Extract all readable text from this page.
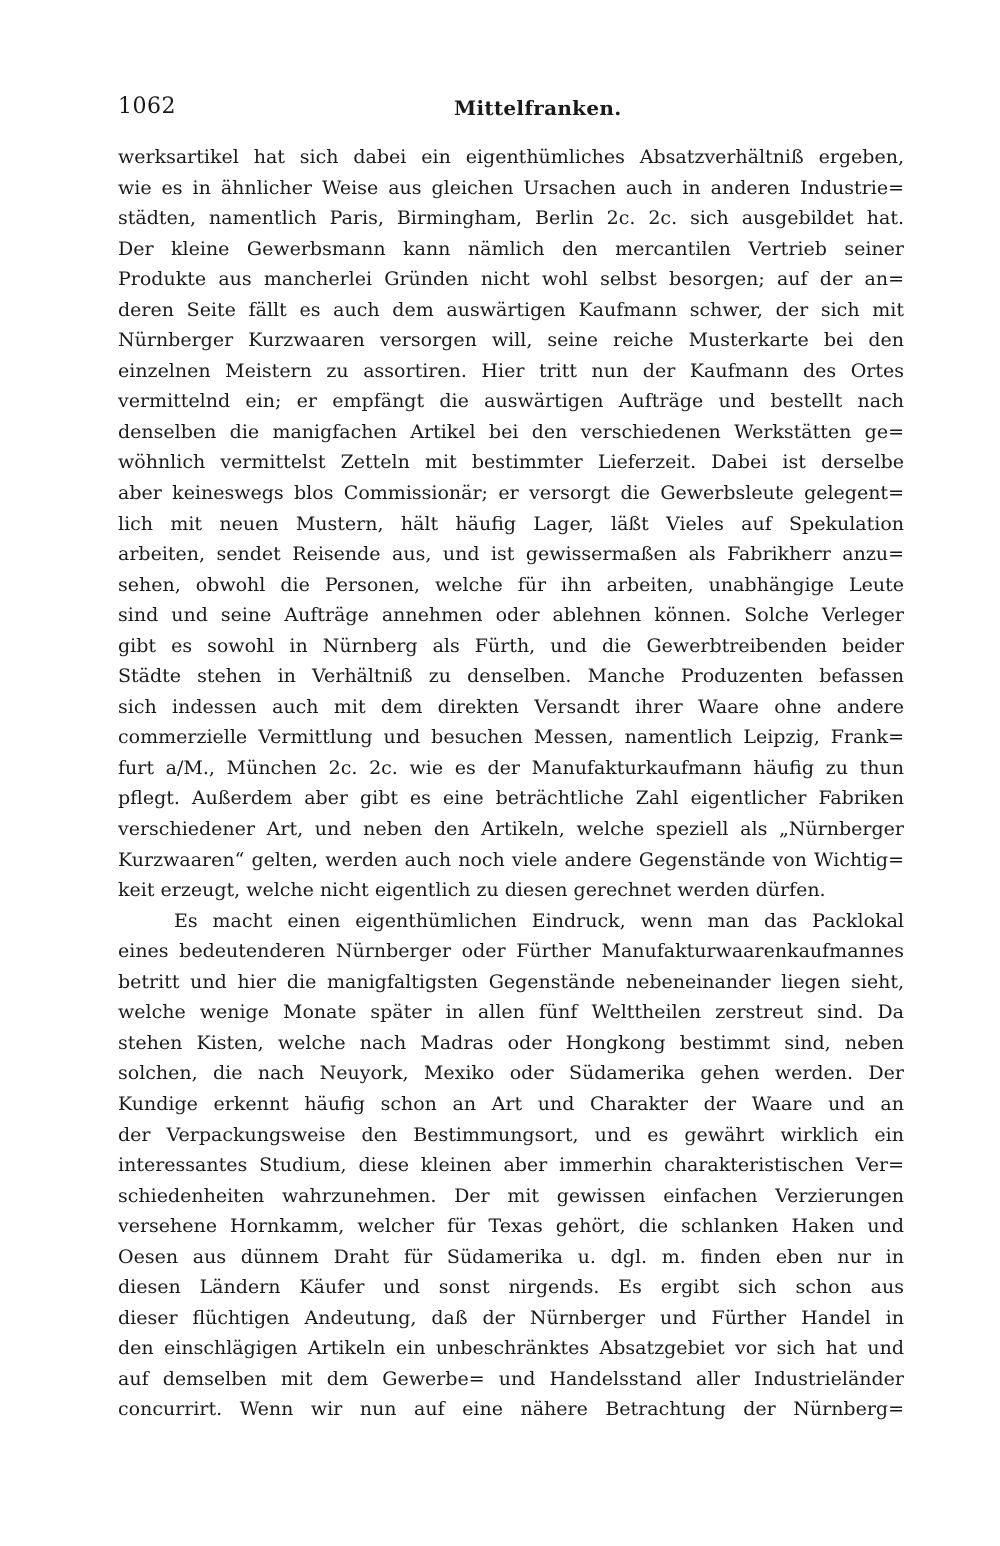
1062	Mittelfranken.
werksartikel hat sich dabei ein eigenthümliches Absatzverhältniß ergeben,
wie es in ähnlicher Weise aus gleichen Ursachen auch in anderen Industrie=
städten, namentlich Paris, Birmingham, Berlin 2c. 2c. sich ausgebildet hat.
Der kleine Gewerbsmann kann nämlich den mercantilen Vertrieb seiner
Produkte aus mancherlei Gründen nicht wohl selbst besorgen; auf der an=
deren Seite fällt es auch dem auswärtigen Kaufmann schwer, der sich mit
Nürnberger Kurzwaaren versorgen will, seine reiche Musterkarte bei den
einzelnen Meistern zu assortiren. Hier tritt nun der Kaufmann des Ortes
vermittelnd ein; er empfängt die auswärtigen Aufträge und bestellt nach
denselben die manigfachen Artikel bei den verschiedenen Werkstätten ge=
wöhnlich vermittelst Zetteln mit bestimmter Lieferzeit. Dabei ist derselbe
aber keineswegs blos Commissionär; er versorgt die Gewerbsleute gelegent=
lich mit neuen Mustern, hält häufig Lager, läßt Vieles auf Spekulation
arbeiten, sendet Reisende aus, und ist gewissermaßen als Fabrikherr anzu=
sehen, obwohl die Personen, welche für ihn arbeiten, unabhängige Leute
sind und seine Aufträge annehmen oder ablehnen können. Solche Verleger
gibt es sowohl in Nürnberg als Fürth, und die Gewerbtreibenden beider
Städte stehen in Verhältniß zu denselben. Manche Produzenten befassen
sich indessen auch mit dem direkten Versandt ihrer Waare ohne andere
commerzielle Vermittlung und besuchen Messen, namentlich Leipzig, Frank=
furt a/M., München 2c. 2c. wie es der Manufakturkaufmann häufig zu thun
pflegt. Außerdem aber gibt es eine beträchtliche Zahl eigentlicher Fabriken
verschiedener Art, und neben den Artikeln, welche speziell als „Nürnberger
Kurzwaaren“ gelten, werden auch noch viele andere Gegenstände von Wichtig=
keit erzeugt, welche nicht eigentlich zu diesen gerechnet werden dürfen.
Es macht einen eigenthümlichen Eindruck, wenn man das Packlokal
eines bedeutenderen Nürnberger oder Fürther Manufakturwaarenkaufmannes
betritt und hier die manigfaltigsten Gegenstände nebeneinander liegen sieht,
welche wenige Monate später in allen fünf Welttheilen zerstreut sind. Da
stehen Kisten, welche nach Madras oder Hongkong bestimmt sind, neben
solchen, die nach Neuyork, Mexiko oder Südamerika gehen werden. Der
Kundige erkennt häufig schon an Art und Charakter der Waare und an
der Verpackungsweise den Bestimmungsort, und es gewährt wirklich ein
interessantes Studium, diese kleinen aber immerhin charakteristischen Ver=
schiedenheiten wahrzunehmen. Der mit gewissen einfachen Verzierungen
versehene Hornkamm, welcher für Texas gehört, die schlanken Haken und
Oesen aus dünnem Draht für Südamerika u. dgl. m. finden eben nur in
diesen Ländern Käufer und sonst nirgends. Es ergibt sich schon aus
dieser flüchtigen Andeutung, daß der Nürnberger und Fürther Handel in
den einschlägigen Artikeln ein unbeschränktes Absatzgebiet vor sich hat und
auf demselben mit dem Gewerbe= und Handelsstand aller Industrieländer
concurrirt. Wenn wir nun auf eine nähere Betrachtung der Nürnberg=
